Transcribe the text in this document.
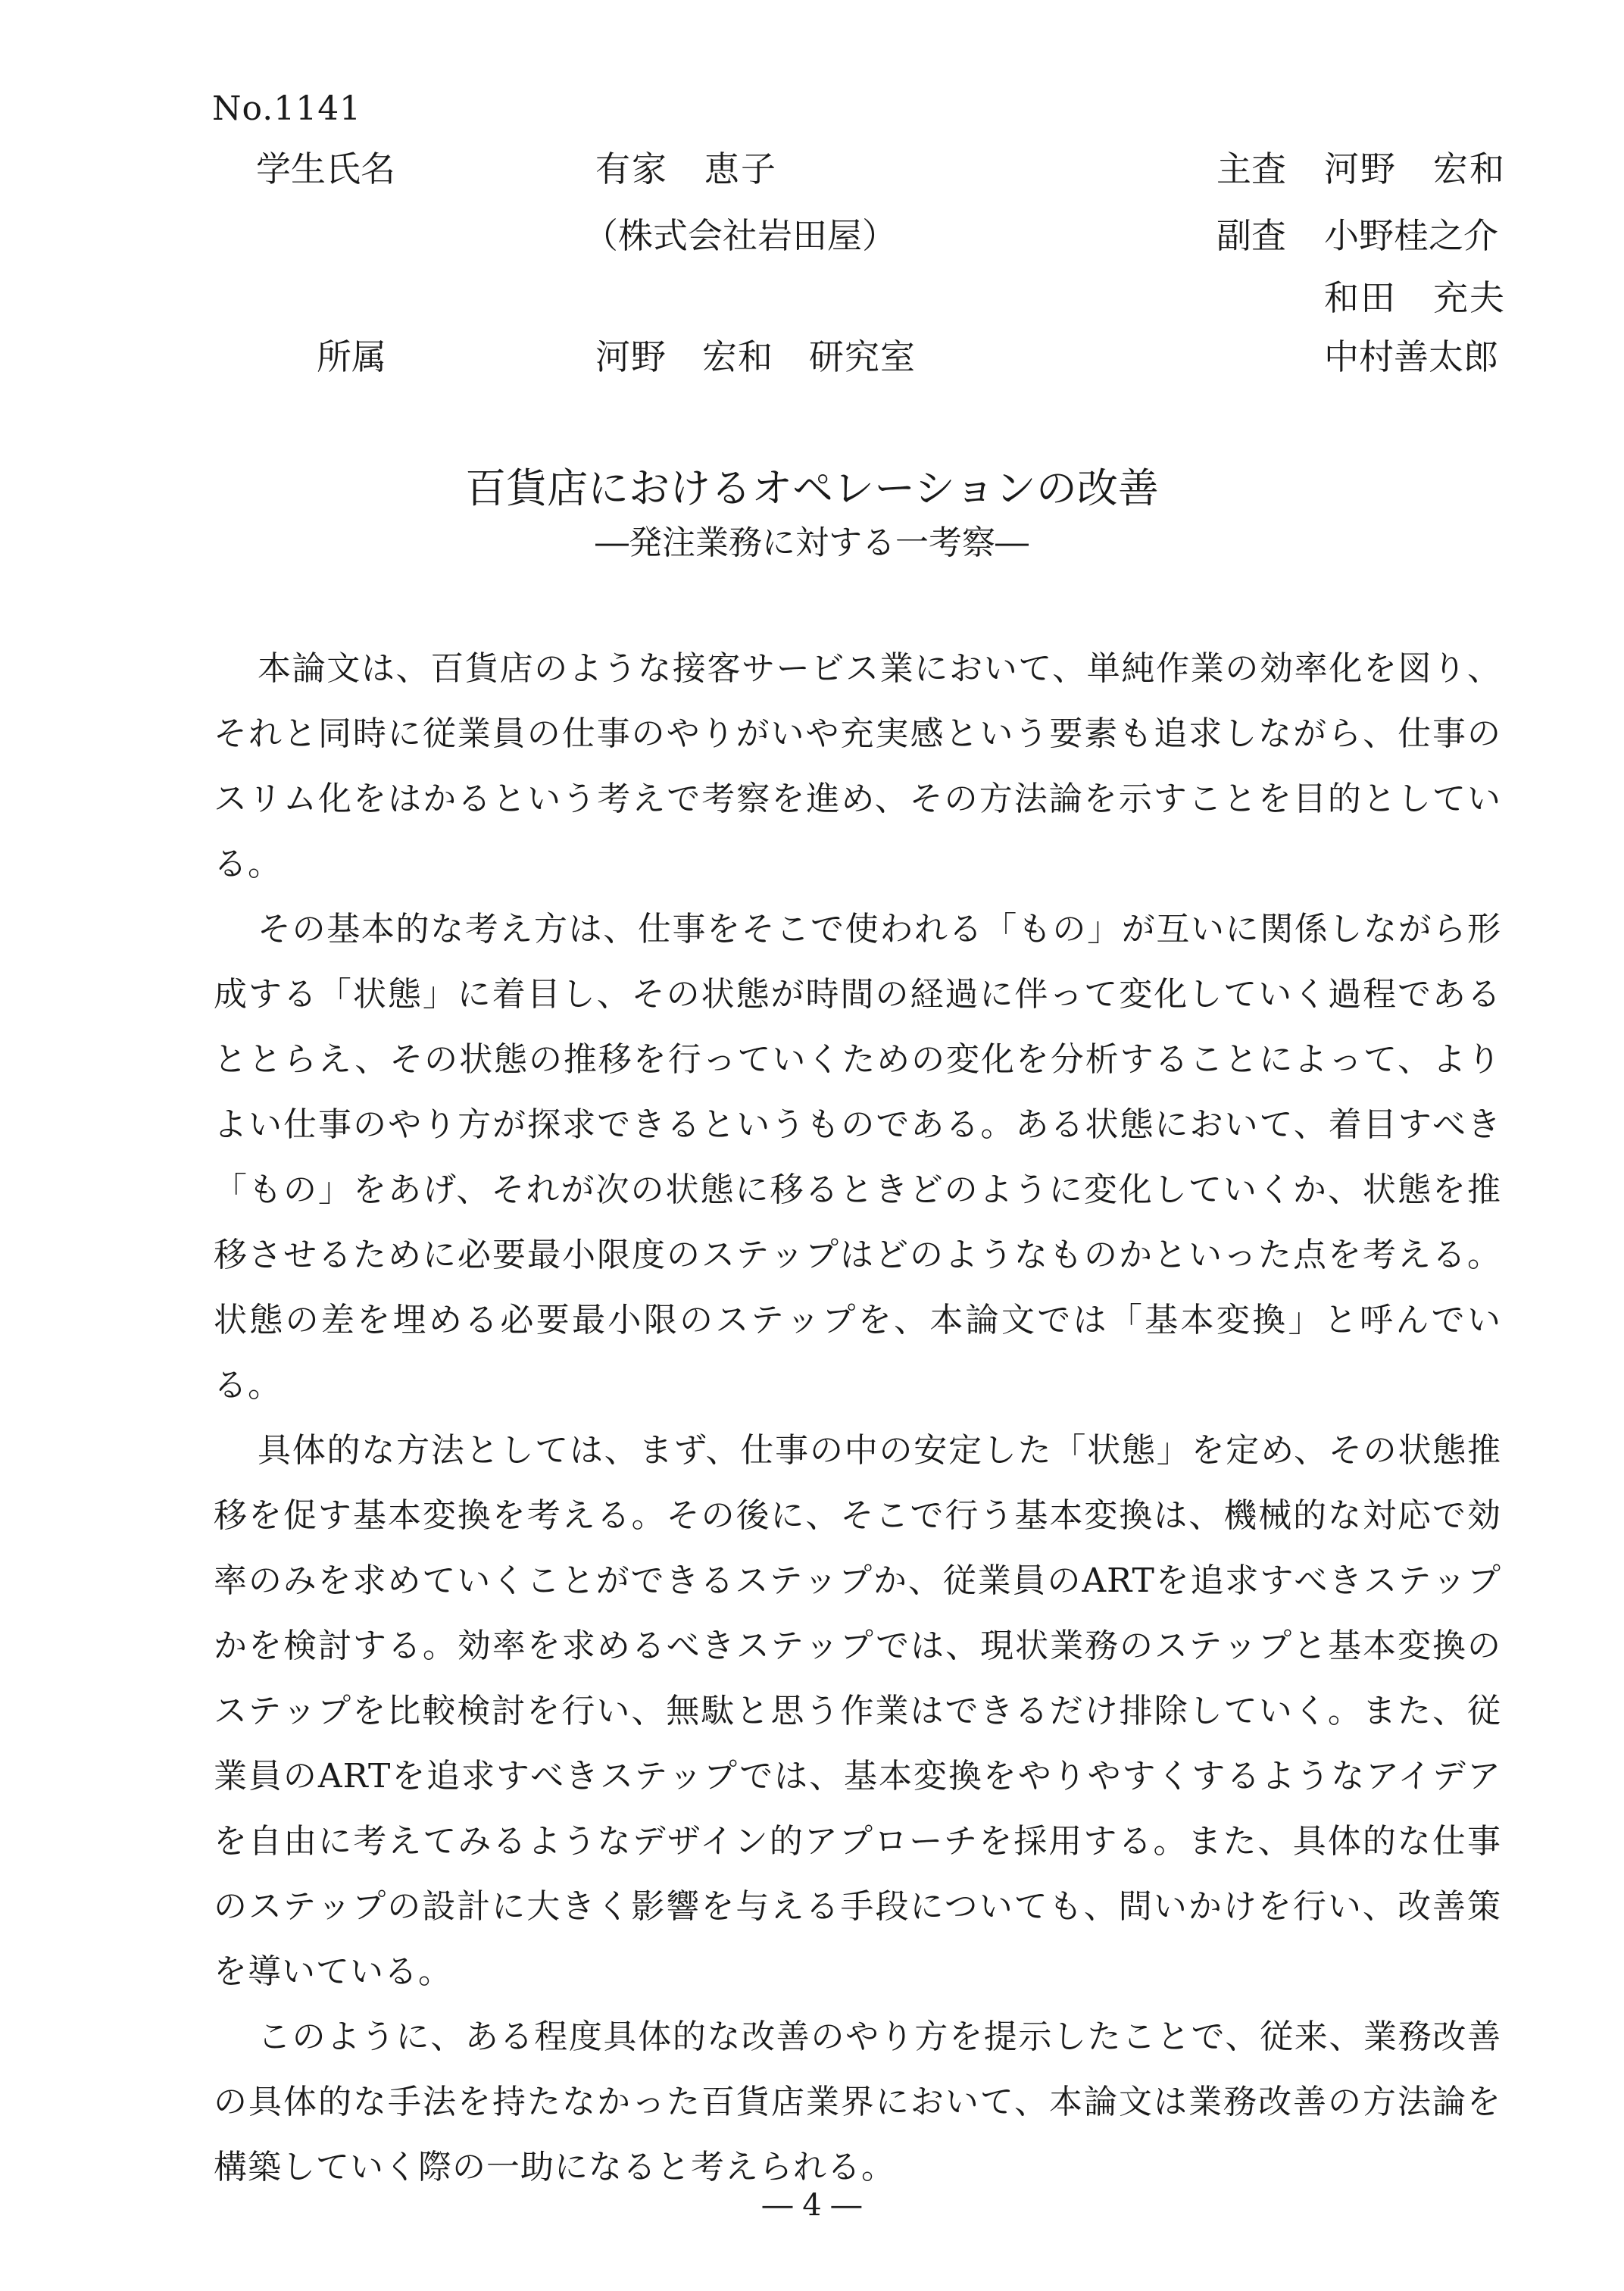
No.1141
学生氏名	有家　恵子
（株式会社岩田屋）
所属	河野　宏和　研究室
主査 河野　宏和
副査 小野桂之介
和田　充夫
中村善太郎
百貨店におけるオペレーションの改善
―発注業務に対する一考察―

本論文は、百貨店のような接客サービス業において、単純作業の効率化を図り、それと同時に従業員の仕事のやりがいや充実感という要素も追求しながら、仕事のスリム化をはかるという考えで考察を進め、その方法論を示すことを目的としている。

その基本的な考え方は、仕事をそこで使われる「もの」が互いに関係しながら形成する「状態」に着目し、その状態が時間の経過に伴って変化していく過程であるととらえ、その状態の推移を行っていくための変化を分析することによって、よりよい仕事のやり方が探求できるというものである。ある状態において、着目すべき「もの」をあげ、それが次の状態に移るときどのように変化していくか、状態を推移させるために必要最小限度のステップはどのようなものかといった点を考える。状態の差を埋める必要最小限のステップを、本論文では「基本変換」と呼んでいる。

具体的な方法としては、まず、仕事の中の安定した「状態」を定め、その状態推移を促す基本変換を考える。その後に、そこで行う基本変換は、機械的な対応で効率のみを求めていくことができるステップか、従業員のARTを追求すべきステップかを検討する。効率を求めるべきステップでは、現状業務のステップと基本変換のステップを比較検討を行い、無駄と思う作業はできるだけ排除していく。また、従業員のARTを追求すべきステップでは、基本変換をやりやすくするようなアイデアを自由に考えてみるようなデザイン的アプローチを採用する。また、具体的な仕事のステップの設計に大きく影響を与える手段についても、問いかけを行い、改善策を導いている。

このように、ある程度具体的な改善のやり方を提示したことで、従来、業務改善の具体的な手法を持たなかった百貨店業界において、本論文は業務改善の方法論を構築していく際の一助になると考えられる。

― 4 ―
